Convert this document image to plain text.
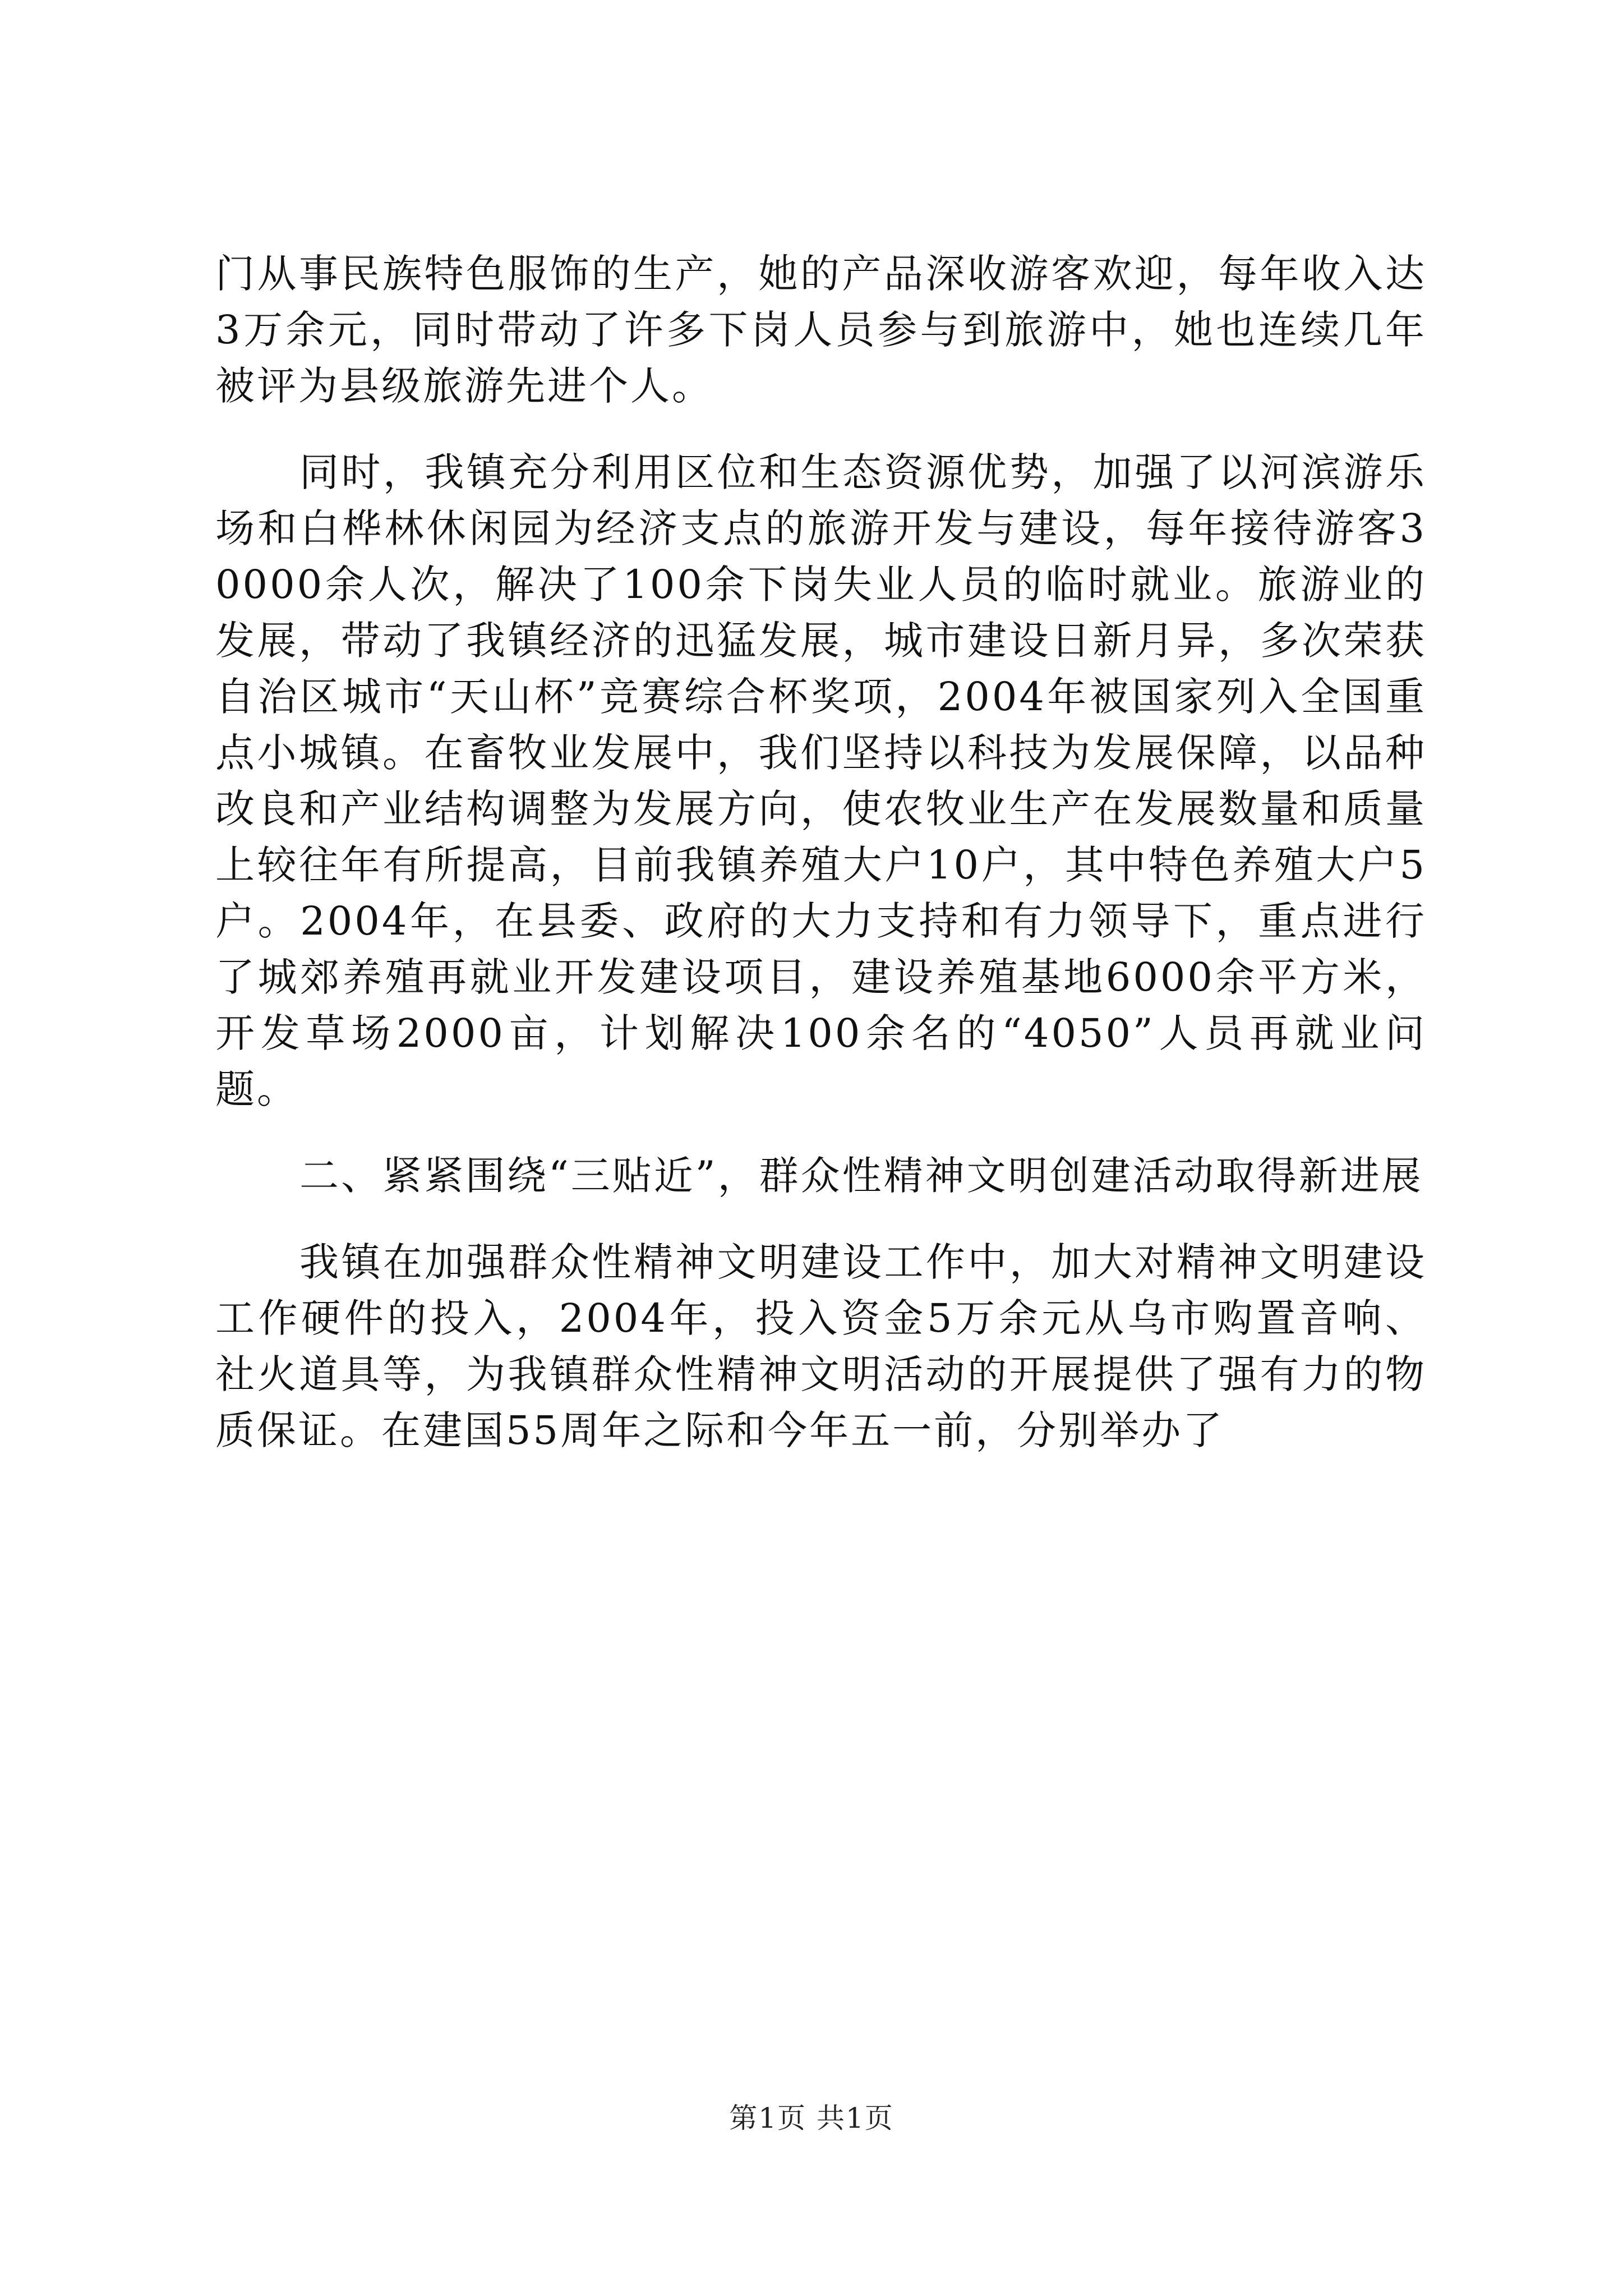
门从事民族特色服饰的生产，她的产品深收游客欢迎，每年收入达3万余元，同时带动了许多下岗人员参与到旅游中，她也连续几年被评为县级旅游先进个人。

同时，我镇充分利用区位和生态资源优势，加强了以河滨游乐场和白桦林休闲园为经济支点的旅游开发与建设，每年接待游客30000余人次，解决了100余下岗失业人员的临时就业。旅游业的发展，带动了我镇经济的迅猛发展，城市建设日新月异，多次荣获自治区城市“天山杯”竞赛综合杯奖项，2004年被国家列入全国重点小城镇。在畜牧业发展中，我们坚持以科技为发展保障，以品种改良和产业结构调整为发展方向，使农牧业生产在发展数量和质量上较往年有所提高，目前我镇养殖大户10户，其中特色养殖大户5户。2004年，在县委、政府的大力支持和有力领导下，重点进行了城郊养殖再就业开发建设项目，建设养殖基地6000余平方米，开发草场2000亩，计划解决100余名的“4050”人员再就业问题。

二、紧紧围绕“三贴近”，群众性精神文明创建活动取得新进展

我镇在加强群众性精神文明建设工作中，加大对精神文明建设工作硬件的投入，2004年，投入资金5万余元从乌市购置音响、社火道具等，为我镇群众性精神文明活动的开展提供了强有力的物质保证。在建国55周年之际和今年五一前，分别举办了

第1页 共1页
